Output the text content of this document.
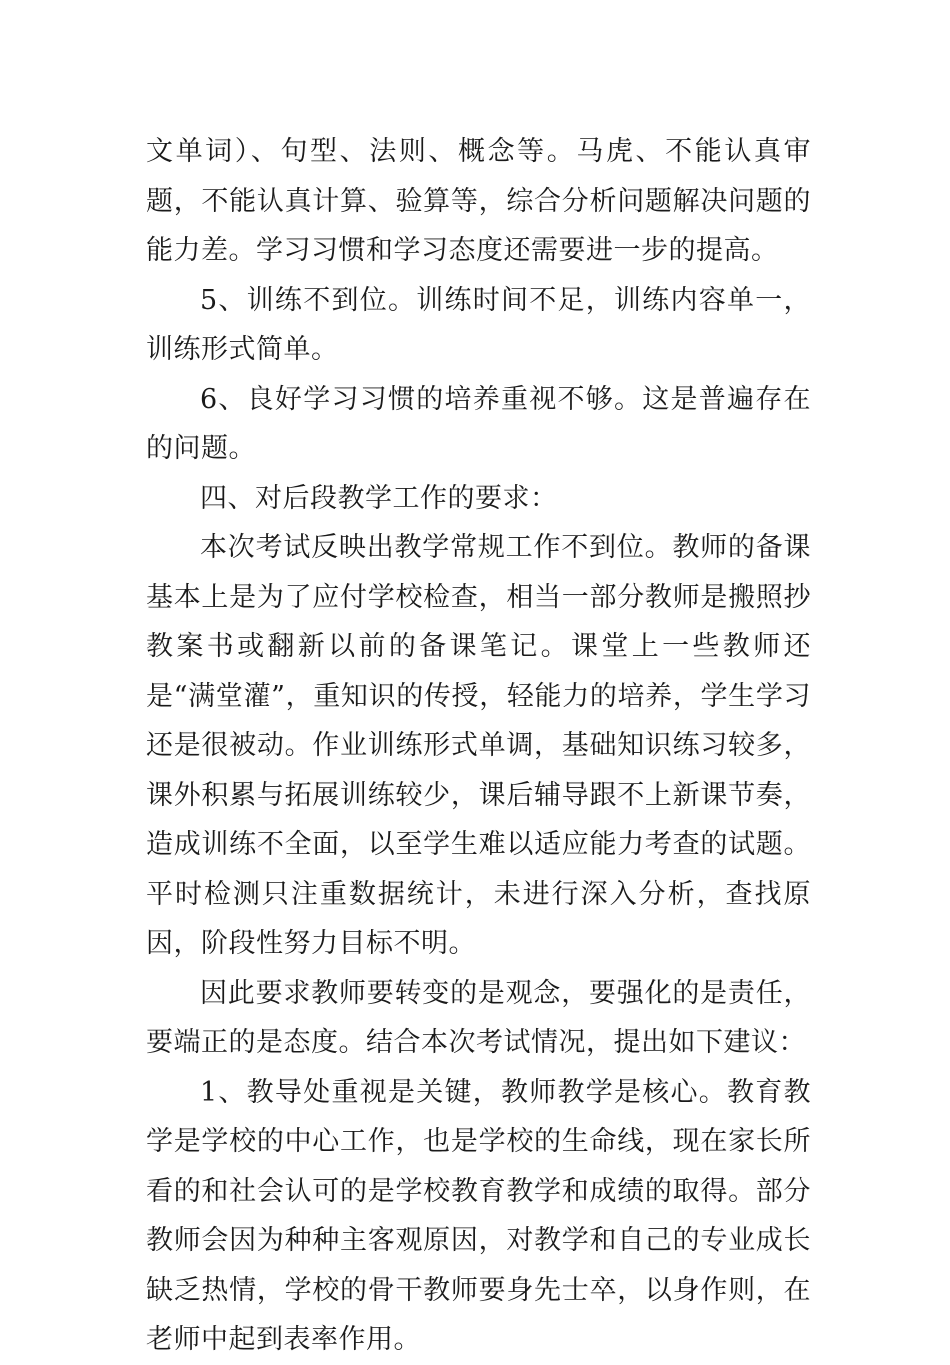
文单词）、句型、法则、概念等。马虎、不能认真审题，不能认真计算、验算等，综合分析问题解决问题的能力差。学习习惯和学习态度还需要进一步的提高。

5、训练不到位。训练时间不足，训练内容单一，训练形式简单。

6、良好学习习惯的培养重视不够。这是普遍存在的问题。

四、对后段教学工作的要求：

本次考试反映出教学常规工作不到位。教师的备课基本上是为了应付学校检查，相当一部分教师是搬照抄教案书或翻新以前的备课笔记。课堂上一些教师还是“满堂灌”，重知识的传授，轻能力的培养，学生学习还是很被动。作业训练形式单调，基础知识练习较多，课外积累与拓展训练较少，课后辅导跟不上新课节奏，造成训练不全面，以至学生难以适应能力考查的试题。平时检测只注重数据统计，未进行深入分析，查找原因，阶段性努力目标不明。

因此要求教师要转变的是观念，要强化的是责任，要端正的是态度。结合本次考试情况，提出如下建议：

1、教导处重视是关键，教师教学是核心。教育教学是学校的中心工作，也是学校的生命线，现在家长所看的和社会认可的是学校教育教学和成绩的取得。部分教师会因为种种主客观原因，对教学和自己的专业成长缺乏热情，学校的骨干教师要身先士卒，以身作则，在老师中起到表率作用。
